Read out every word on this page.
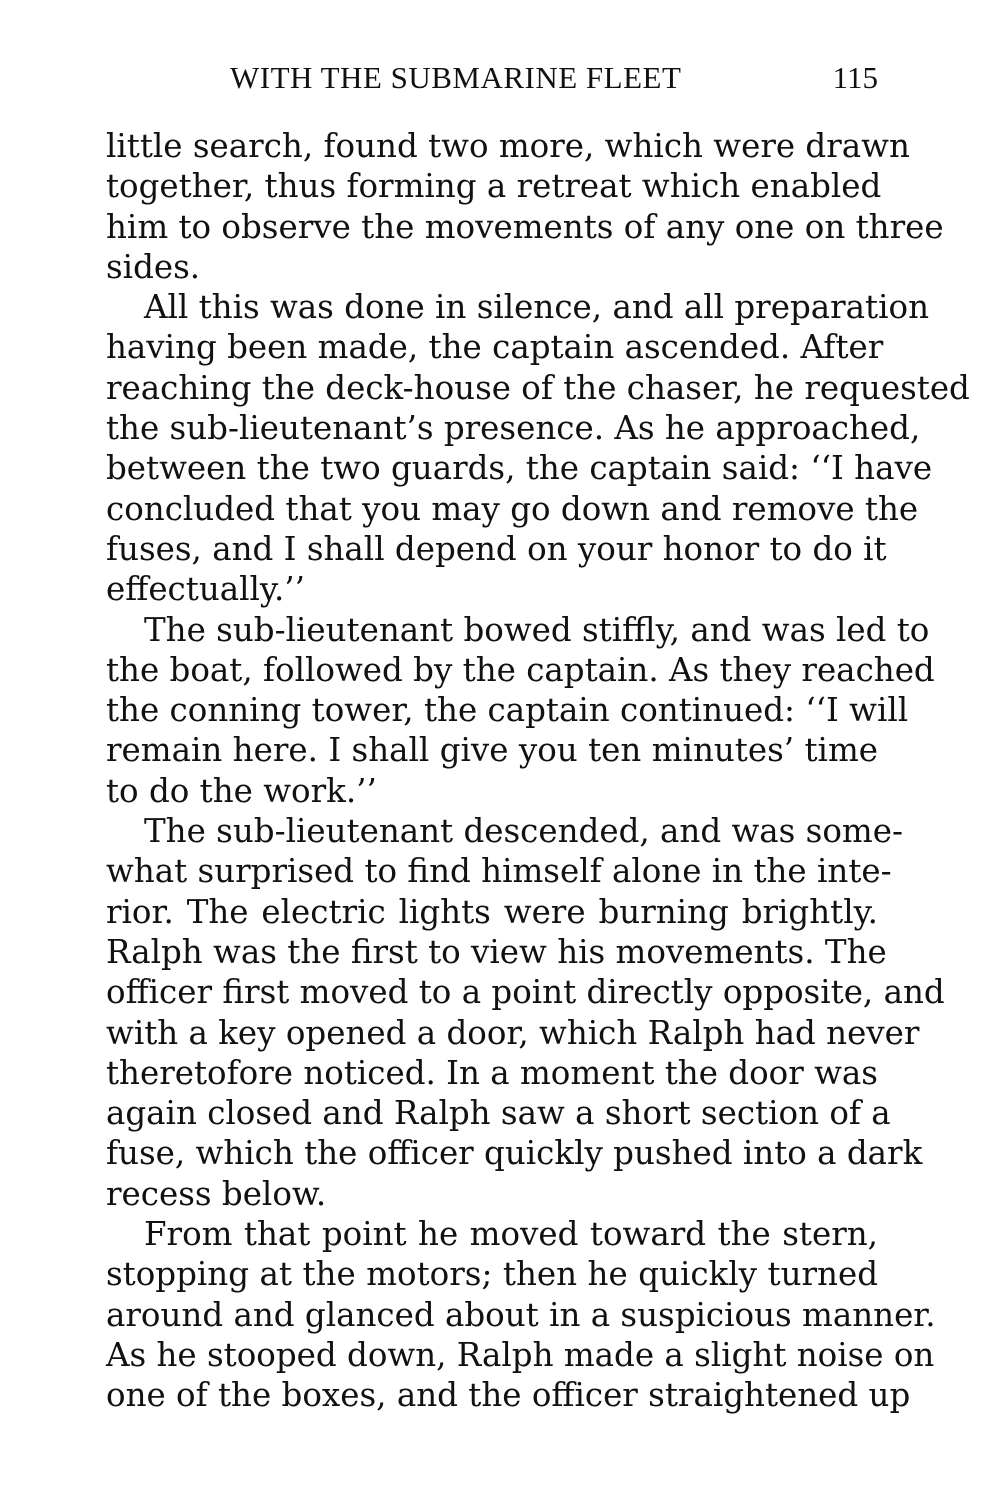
WITH THE SUBMARINE FLEET	115
little search, found two more, which were drawn
together, thus forming a retreat which enabled
him to observe the movements of any one on three
sides.
All this was done in silence, and all preparation
having been made, the captain ascended. After
reaching the deck-house of the chaser, he requested
the sub-lieutenant’s presence. As he approached,
between the two guards, the captain said: ‘‘I have
concluded that you may go down and remove the
fuses, and I shall depend on your honor to do it
effectually.’’
The sub-lieutenant bowed stiffly, and was led to
the boat, followed by the captain. As they reached
the conning tower, the captain continued: ‘‘I will
remain here. I shall give you ten minutes’ time
to do the work.’’
The sub-lieutenant descended, and was some-
what surprised to find himself alone in the inte-
rior. The electric lights were burning brightly.
Ralph was the first to view his movements. The
officer first moved to a point directly opposite, and
with a key opened a door, which Ralph had never
theretofore noticed. In a moment the door was
again closed and Ralph saw a short section of a
fuse, which the officer quickly pushed into a dark
recess below.
From that point he moved toward the stern,
stopping at the motors; then he quickly turned
around and glanced about in a suspicious manner.
As he stooped down, Ralph made a slight noise on
one of the boxes, and the officer straightened up
